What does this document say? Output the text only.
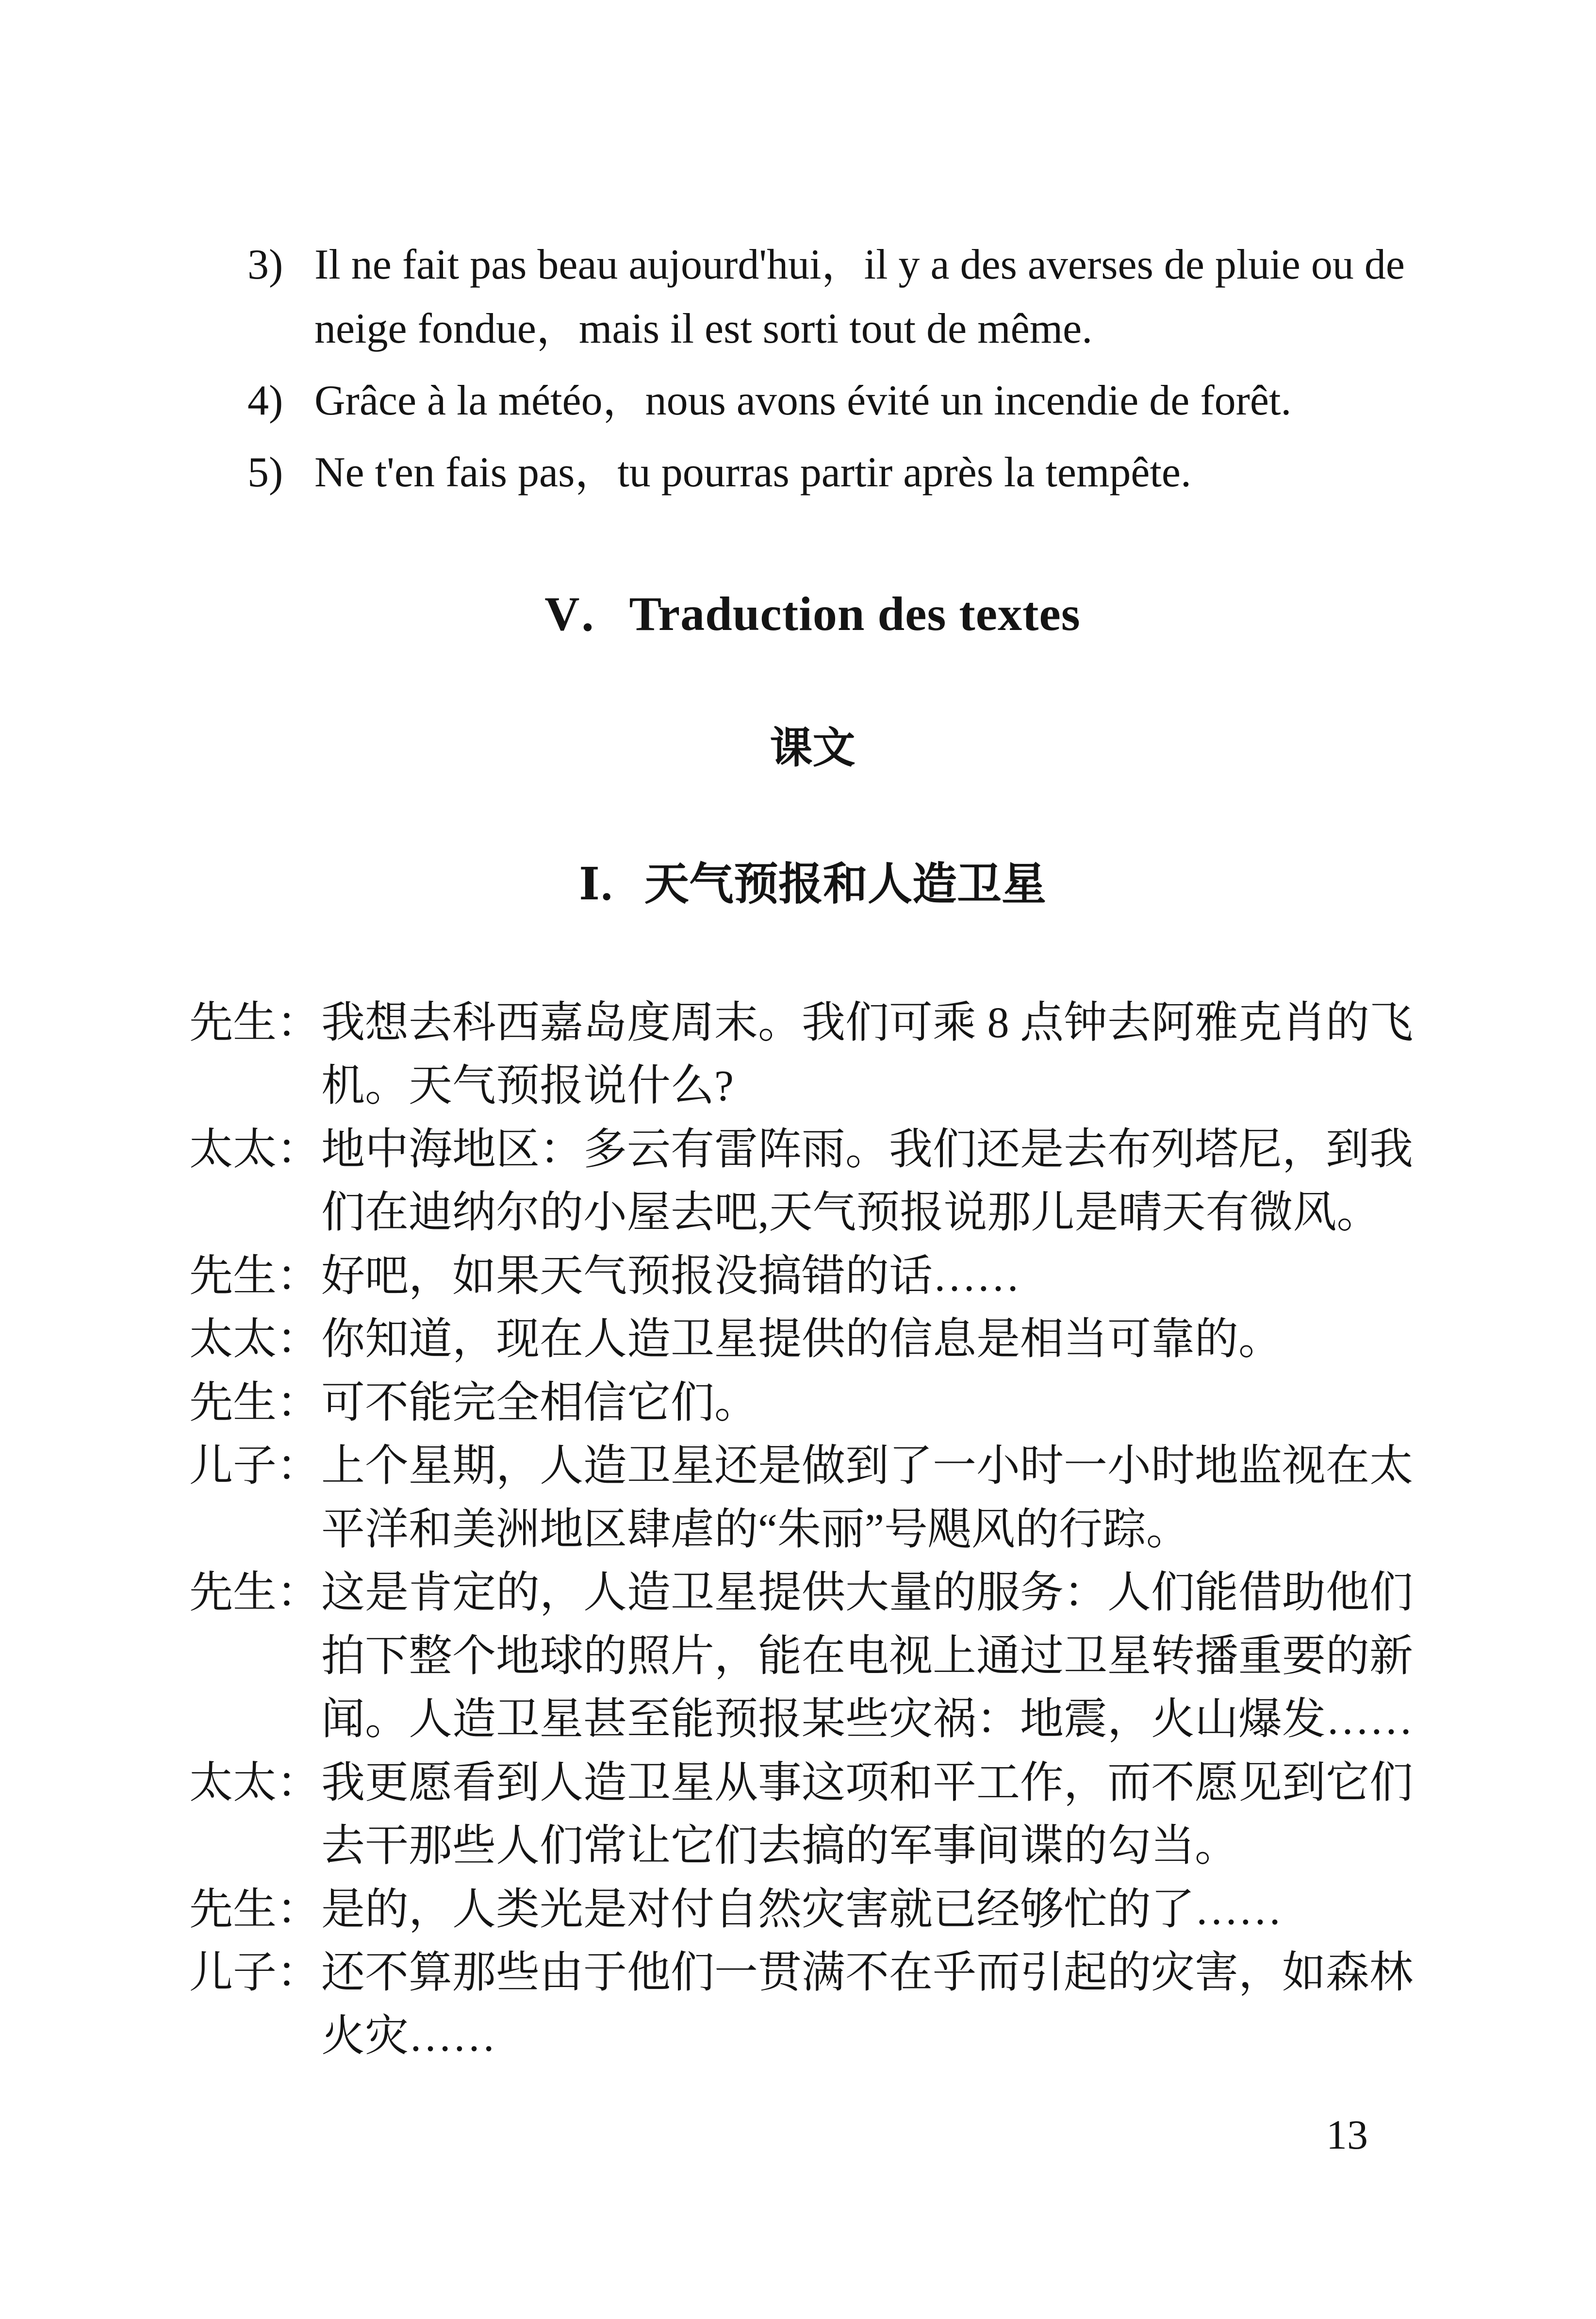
3) Il ne fait pas beau aujourd'hui，il y a des averses de pluie ou de neige fondue，mais il est sorti tout de même.

4) Grâce à la météo，nous avons évité un incendie de forêt.

5) Ne t'en fais pas，tu pourras partir après la tempête.

V．Traduction des textes
课文
Ⅰ．天气预报和人造卫星

先生：我想去科西嘉岛度周末。我们可乘 8 点钟去阿雅克肖的飞机。天气预报说什么?

太太：地中海地区：多云有雷阵雨。我们还是去布列塔尼，到我们在迪纳尔的小屋去吧,天气预报说那儿是晴天有微风。

先生：好吧，如果天气预报没搞错的话……

太太：你知道，现在人造卫星提供的信息是相当可靠的。

先生：可不能完全相信它们。

儿子：上个星期，人造卫星还是做到了一小时一小时地监视在太平洋和美洲地区肆虐的“朱丽”号飓风的行踪。

先生：这是肯定的，人造卫星提供大量的服务：人们能借助他们拍下整个地球的照片，能在电视上通过卫星转播重要的新闻。人造卫星甚至能预报某些灾祸：地震，火山爆发……

太太：我更愿看到人造卫星从事这项和平工作，而不愿见到它们去干那些人们常让它们去搞的军事间谍的勾当。

先生：是的，人类光是对付自然灾害就已经够忙的了……

儿子：还不算那些由于他们一贯满不在乎而引起的灾害，如森林火灾……

13
